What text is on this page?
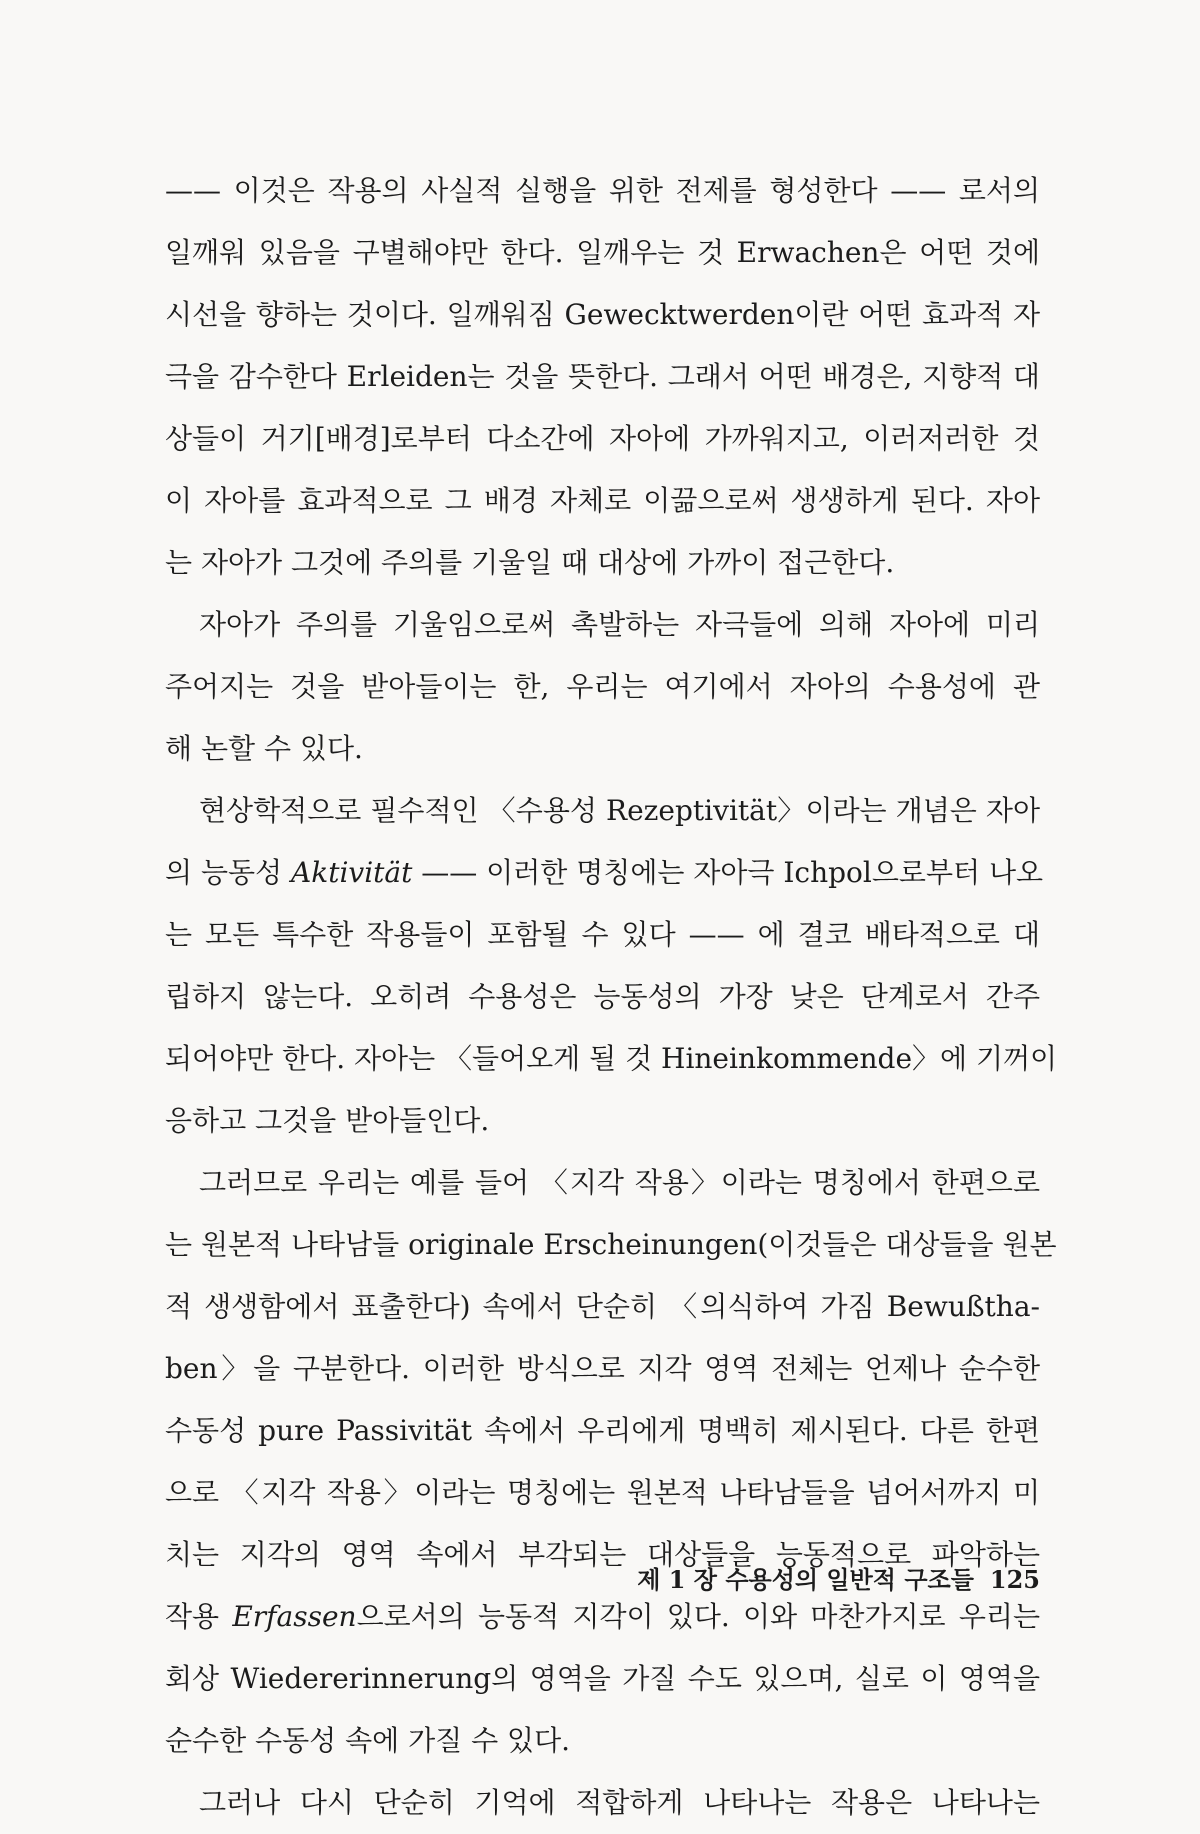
—— 이것은 작용의 사실적 실행을 위한 전제를 형성한다 —— 로서의
일깨워 있음을 구별해야만 한다. 일깨우는 것 Erwachen은 어떤 것에
시선을 향하는 것이다. 일깨워짐 Gewecktwerden이란 어떤 효과적 자
극을 감수한다 Erleiden는 것을 뜻한다. 그래서 어떤 배경은, 지향적 대
상들이 거기[배경]로부터 다소간에 자아에 가까워지고, 이러저러한 것
이 자아를 효과적으로 그 배경 자체로 이끎으로써 생생하게 된다. 자아
는 자아가 그것에 주의를 기울일 때 대상에 가까이 접근한다.
자아가 주의를 기울임으로써 촉발하는 자극들에 의해 자아에 미리
주어지는 것을 받아들이는 한, 우리는 여기에서 자아의 수용성에 관
해 논할 수 있다.
현상학적으로 필수적인 〈수용성 Rezeptivität〉이라는 개념은 자아
의 능동성 Aktivität —— 이러한 명칭에는 자아극 Ichpol으로부터 나오
는 모든 특수한 작용들이 포함될 수 있다 —— 에 결코 배타적으로 대
립하지 않는다. 오히려 수용성은 능동성의 가장 낮은 단계로서 간주
되어야만 한다. 자아는 〈들어오게 될 것 Hineinkommende〉에 기꺼이
응하고 그것을 받아들인다.
그러므로 우리는 예를 들어 〈지각 작용〉이라는 명칭에서 한편으로
는 원본적 나타남들 originale Erscheinungen(이것들은 대상들을 원본
적 생생함에서 표출한다) 속에서 단순히 〈의식하여 가짐 Bewußtha-
ben〉을 구분한다. 이러한 방식으로 지각 영역 전체는 언제나 순수한
수동성 pure Passivität 속에서 우리에게 명백히 제시된다. 다른 한편
으로 〈지각 작용〉이라는 명칭에는 원본적 나타남들을 넘어서까지 미
치는 지각의 영역 속에서 부각되는 대상들을 능동적으로 파악하는
작용 Erfassen으로서의 능동적 지각이 있다. 이와 마찬가지로 우리는
회상 Wiedererinnerung의 영역을 가질 수도 있으며, 실로 이 영역을
순수한 수동성 속에 가질 수 있다.
그러나 다시 단순히 기억에 적합하게 나타나는 작용은 나타나는
제 1 장 수용성의 일반적 구조들 125
